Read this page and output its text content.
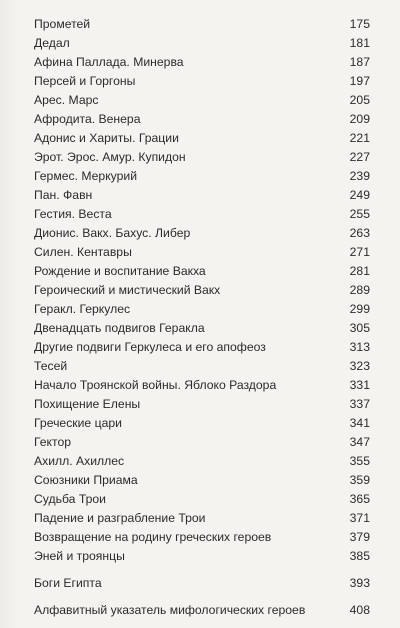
Прометей	175
Дедал	181
Афина Паллада. Минерва	187
Персей и Горгоны	197
Арес. Марс	205
Афродита. Венера	209
Адонис и Хариты. Грации	221
Эрот. Эрос. Амур. Купидон	227
Гермес. Меркурий	239
Пан. Фавн	249
Гестия. Веста	255
Дионис. Вакх. Бахус. Либер	263
Силен. Кентавры	271
Рождение и воспитание Вакха	281
Героический и мистический Вакх	289
Геракл. Геркулес	299
Двенадцать подвигов Геракла	305
Другие подвиги Геркулеса и его апофеоз	313
Тесей	323
Начало Троянской войны. Яблоко Раздора	331
Похищение Елены	337
Греческие цари	341
Гектор	347
Ахилл. Ахиллес	355
Союзники Приама	359
Судьба Трои	365
Падение и разграбление Трои	371
Возвращение на родину греческих героев	379
Эней и троянцы	385
Боги Египта	393
Алфавитный указатель мифологических героев	408
